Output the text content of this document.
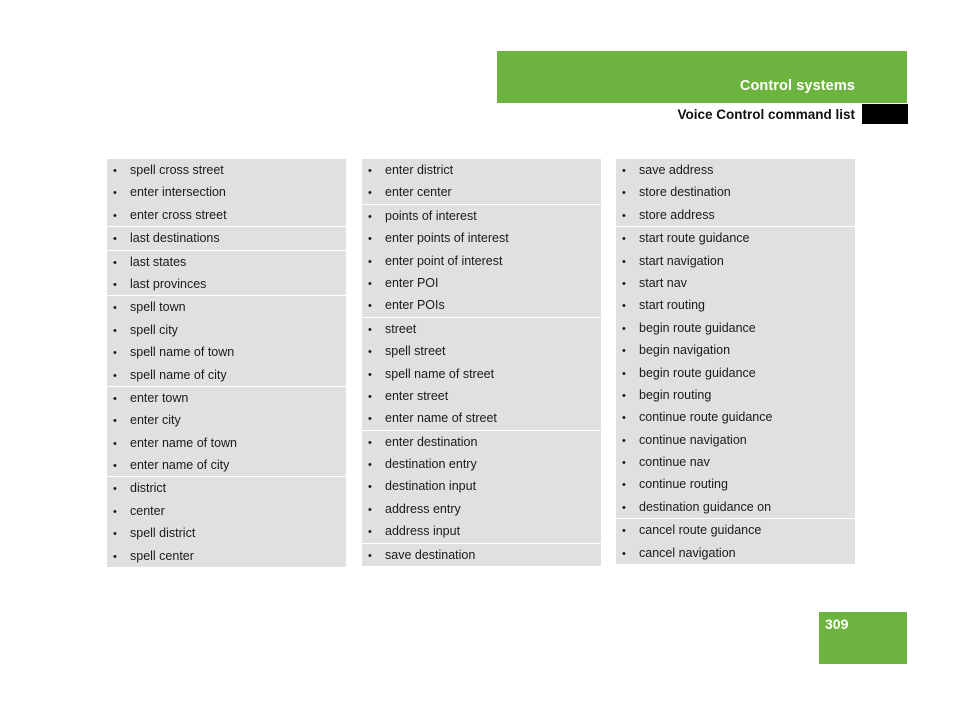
Control systems
Voice Control command list
• spell cross street
• enter intersection
• enter cross street
• last destinations
• last states
• last provinces
• spell town
• spell city
• spell name of town
• spell name of city
• enter town
• enter city
• enter name of town
• enter name of city
• district
• center
• spell district
• spell center
• enter district
• enter center
• points of interest
• enter points of interest
• enter point of interest
• enter POI
• enter POIs
• street
• spell street
• spell name of street
• enter street
• enter name of street
• enter destination
• destination entry
• destination input
• address entry
• address input
• save destination
• save address
• store destination
• store address
• start route guidance
• start navigation
• start nav
• start routing
• begin route guidance
• begin navigation
• begin route guidance
• begin routing
• continue route guidance
• continue navigation
• continue nav
• continue routing
• destination guidance on
• cancel route guidance
• cancel navigation
309
